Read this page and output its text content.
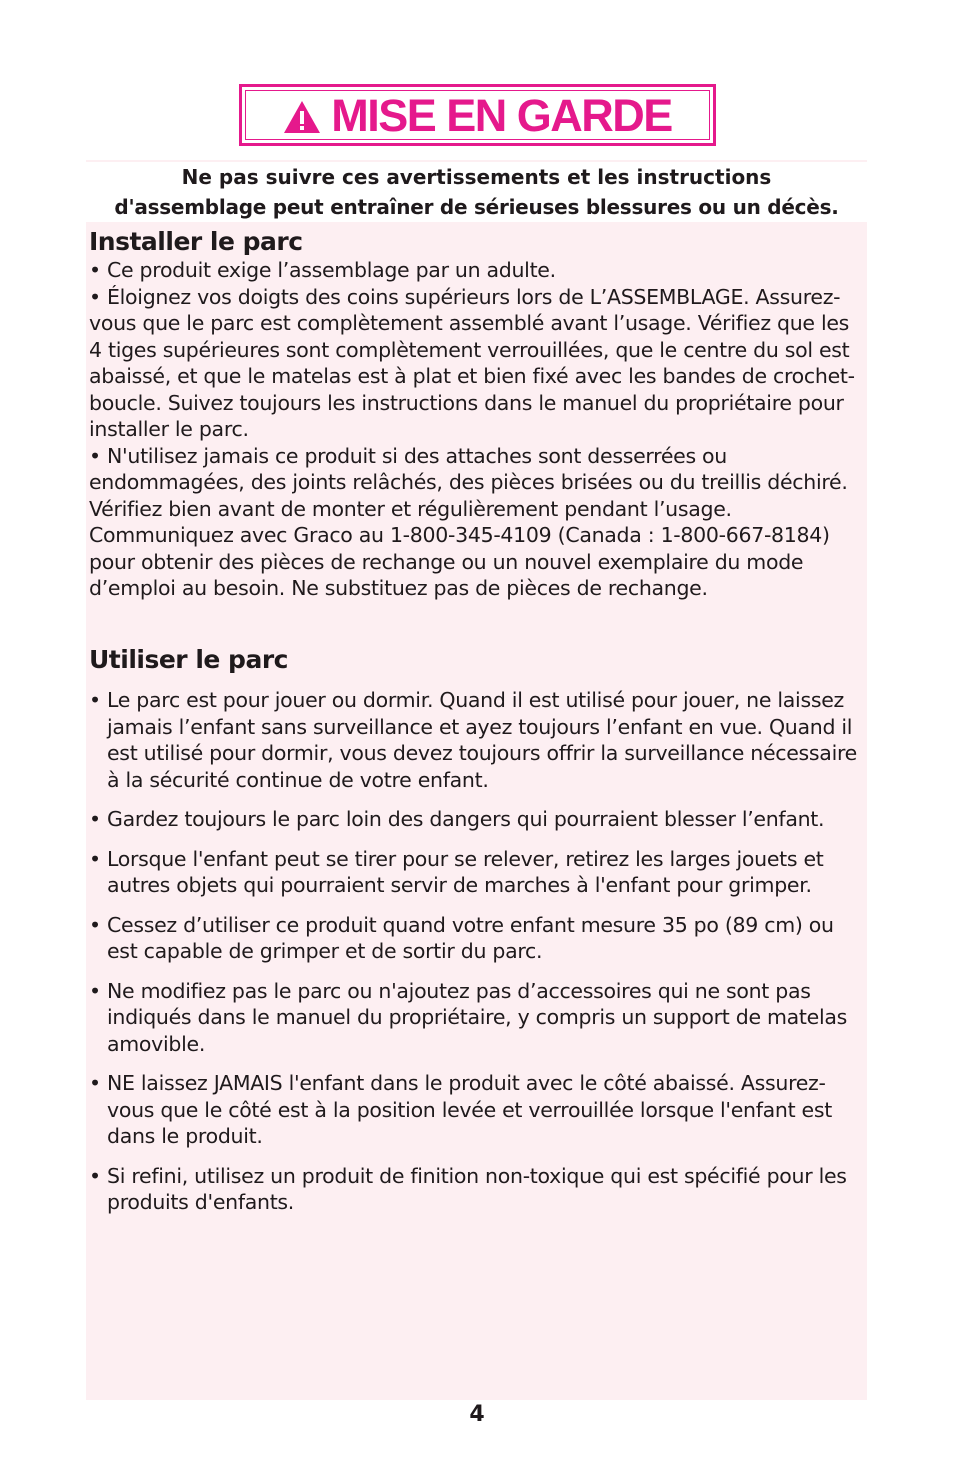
MISE EN GARDE
Ne pas suivre ces avertissements et les instructions
d'assemblage peut entraîner de sérieuses blessures ou un décès.
Installer le parc

• Ce produit exige l’assemblage par un adulte.

• Éloignez vos doigts des coins supérieurs lors de L’ASSEMBLAGE. Assurez-vous que le parc est complètement assemblé avant l’usage. Vérifiez que les 4 tiges supérieures sont complètement verrouillées, que le centre du sol est abaissé, et que le matelas est à plat et bien fixé avec les bandes de crochet-boucle. Suivez toujours les instructions dans le manuel du propriétaire pour installer le parc.

• N'utilisez jamais ce produit si des attaches sont desserrées ou endommagées, des joints relâchés, des pièces brisées ou du treillis déchiré. Vérifiez bien avant de monter et régulièrement pendant l’usage. Communiquez avec Graco au 1-800-345-4109 (Canada : 1-800-667-8184) pour obtenir des pièces de rechange ou un nouvel exemplaire du mode d’emploi au besoin. Ne substituez pas de pièces de rechange.

Utiliser le parc
• Le parc est pour jouer ou dormir. Quand il est utilisé pour jouer, ne laissez jamais l’enfant sans surveillance et ayez toujours l’enfant en vue. Quand il est utilisé pour dormir, vous devez toujours offrir la surveillance nécessaire à la sécurité continue de votre enfant.
• Gardez toujours le parc loin des dangers qui pourraient blesser l’enfant.
• Lorsque l'enfant peut se tirer pour se relever, retirez les larges jouets et autres objets qui pourraient servir de marches à l'enfant pour grimper.
• Cessez d’utiliser ce produit quand votre enfant mesure 35 po (89 cm) ou est capable de grimper et de sortir du parc.
• Ne modifiez pas le parc ou n'ajoutez pas d’accessoires qui ne sont pas indiqués dans le manuel du propriétaire, y compris un support de matelas amovible.
• NE laissez JAMAIS l'enfant dans le produit avec le côté abaissé. Assurez-vous que le côté est à la position levée et verrouillée lorsque l'enfant est dans le produit.
• Si refini, utilisez un produit de finition non-toxique qui est spécifié pour les produits d'enfants.
4
